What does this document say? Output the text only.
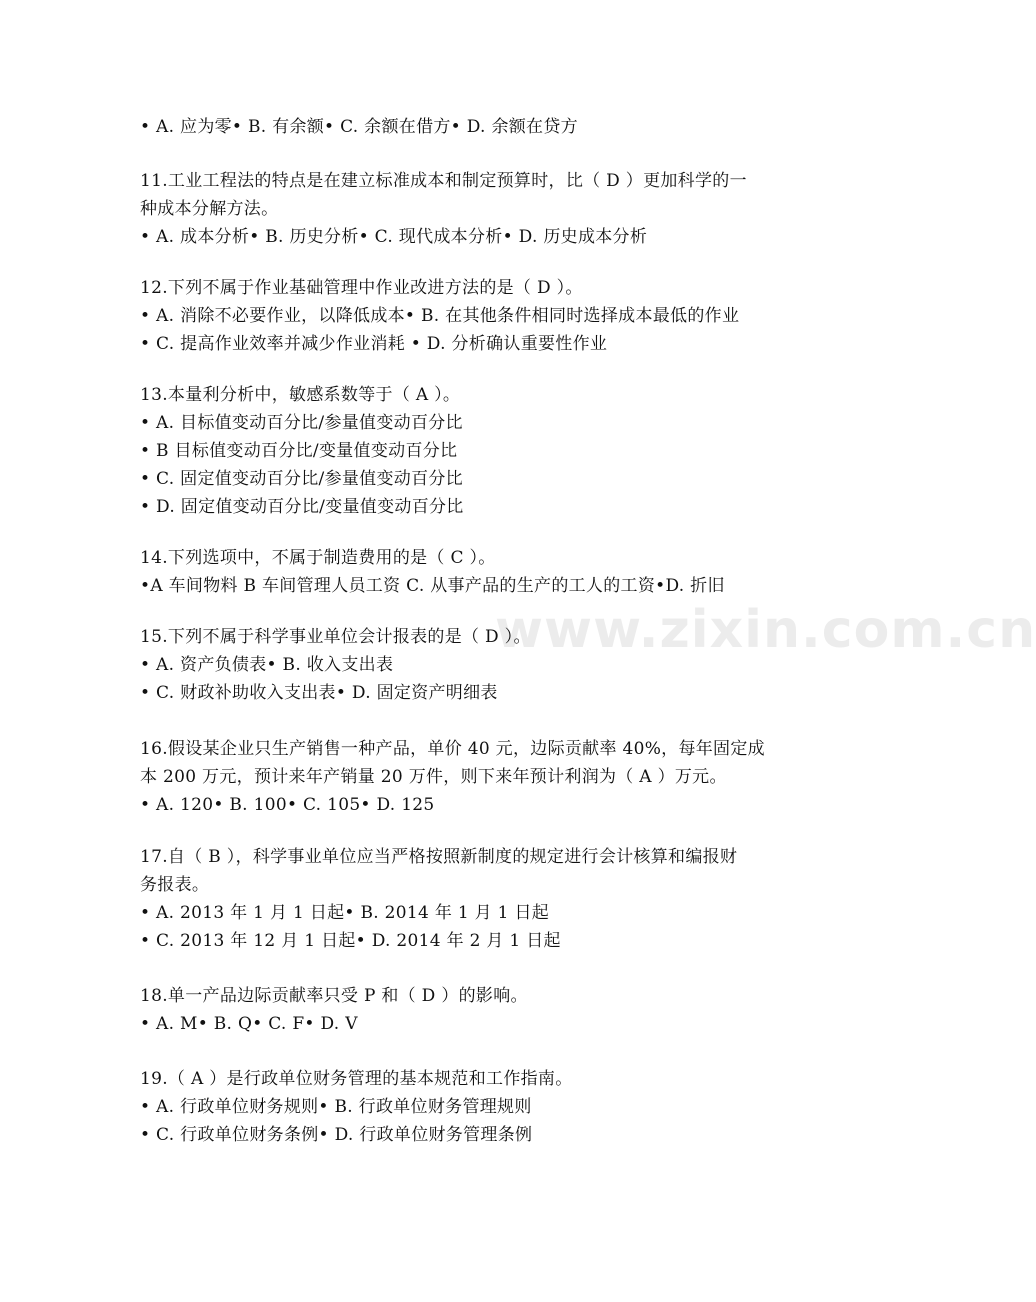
www.zixin.com.cn
• A. 应为零• B. 有余额• C. 余额在借方• D. 余额在贷方
11.工业工程法的特点是在建立标准成本和制定预算时，比（ D ）更加科学的一
种成本分解方法。
• A. 成本分析• B. 历史分析• C. 现代成本分析• D. 历史成本分析
12.下列不属于作业基础管理中作业改进方法的是（ D ）。
• A. 消除不必要作业，以降低成本• B. 在其他条件相同时选择成本最低的作业
• C. 提高作业效率并减少作业消耗 • D. 分析确认重要性作业
13.本量利分析中，敏感系数等于（ A ）。
• A. 目标值变动百分比/参量值变动百分比
• B 目标值变动百分比/变量值变动百分比
• C. 固定值变动百分比/参量值变动百分比
• D. 固定值变动百分比/变量值变动百分比
14.下列选项中，不属于制造费用的是（ C ）。
•A 车间物料 B 车间管理人员工资 C. 从事产品的生产的工人的工资•D. 折旧
15.下列不属于科学事业单位会计报表的是（ D ）。
• A. 资产负债表• B. 收入支出表
• C. 财政补助收入支出表• D. 固定资产明细表
16.假设某企业只生产销售一种产品，单价 40 元，边际贡献率 40%，每年固定成
本 200 万元，预计来年产销量 20 万件，则下来年预计利润为（ A ）万元。
• A. 120• B. 100• C. 105• D. 125
17.自（ B ），科学事业单位应当严格按照新制度的规定进行会计核算和编报财
务报表。
• A. 2013 年 1 月 1 日起• B. 2014 年 1 月 1 日起
• C. 2013 年 12 月 1 日起• D. 2014 年 2 月 1 日起
18.单一产品边际贡献率只受 P 和（ D ）的影响。
• A. M• B. Q• C. F• D. V
19.（ A ）是行政单位财务管理的基本规范和工作指南。
• A. 行政单位财务规则• B. 行政单位财务管理规则
• C. 行政单位财务条例• D. 行政单位财务管理条例
